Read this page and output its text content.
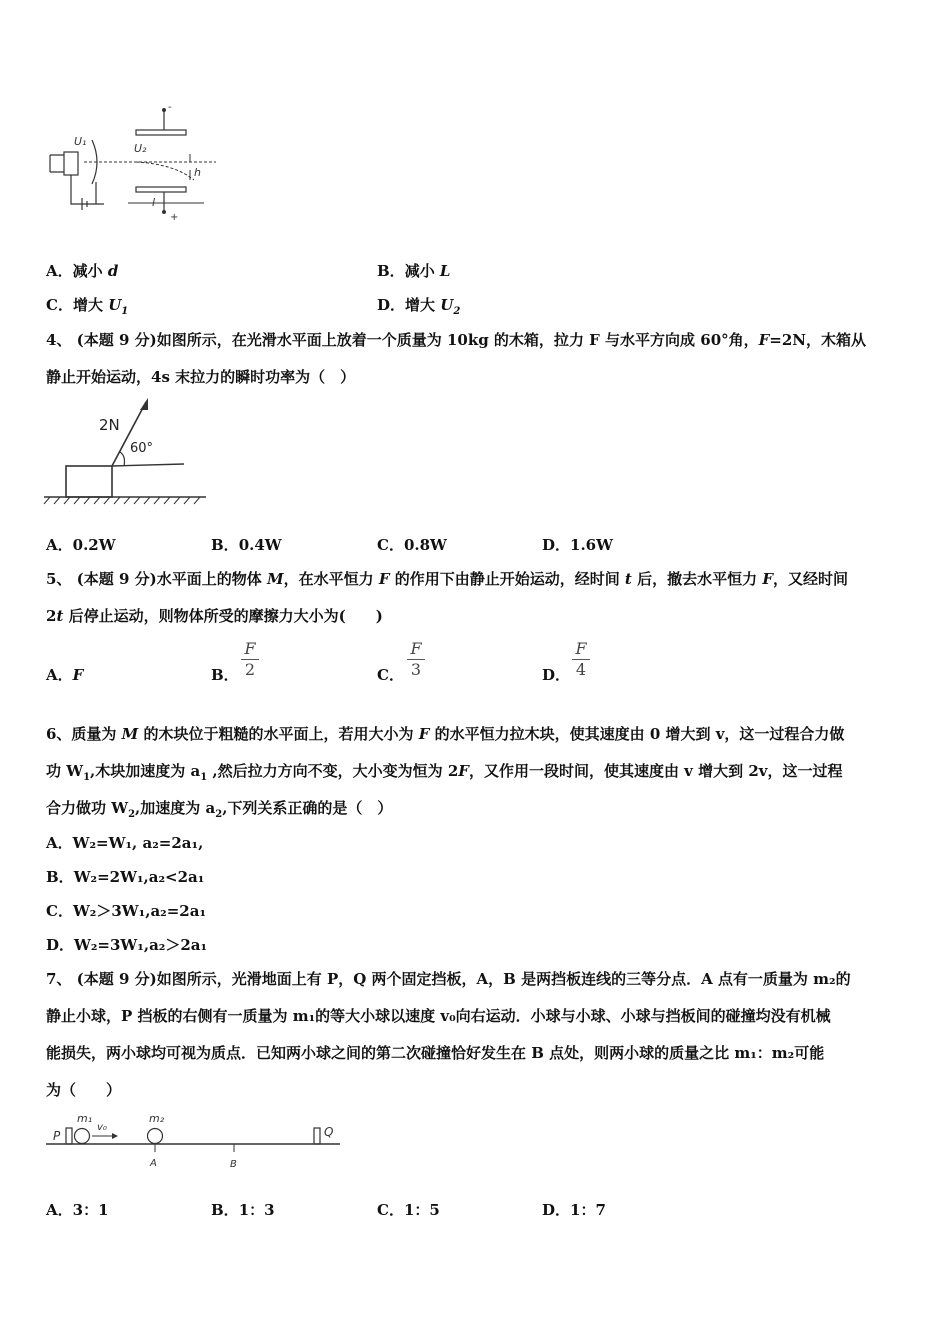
-
+
h
U₂
l
U₁
A．减小 d	B．减小 L
C．增大 $U_1$	D．增大 $U_2$
4、 (本题 9 分)如图所示，在光滑水平面上放着一个质量为 10kg 的木箱，拉力 F 与水平方向成 60°角，F=2N，木箱从
静止开始运动，4s 末拉力的瞬时功率为（　）
2N
60°
A．0.2W	B．0.4W	C．0.8W	D．1.6W
5、 (本题 9 分)水平面上的物体 M，在水平恒力 F 的作用下由静止开始运动，经时间 t 后，撤去水平恒力 F，又经时间
2t 后停止运动，则物体所受的摩擦力大小为(　　)
A．F	B．
F
2	C．
F
3	D．
F
4
6、质量为 M 的木块位于粗糙的水平面上，若用大小为 F 的水平恒力拉木块，使其速度由 0 增大到 v，这一过程合力做
功 $W_1$,木块加速度为 $a_1$ ,然后拉力方向不变，大小变为恒为 2F，又作用一段时间，使其速度由 v 增大到 2v，这一过程
合力做功 $W_2$,加速度为 $a_2$,下列关系正确的是（　）
A．W₂=W₁, a₂=2a₁,
B．W₂=2W₁,a₂<2a₁
C．W₂＞3W₁,a₂=2a₁
D．W₂=3W₁,a₂＞2a₁
7、 (本题 9 分)如图所示，光滑地面上有 P，Q 两个固定挡板，A，B 是两挡板连线的三等分点．A 点有一质量为 m₂的
静止小球，P 挡板的右侧有一质量为 m₁的等大小球以速度 v₀向右运动．小球与小球、小球与挡板间的碰撞均没有机械
能损失，两小球均可视为质点．已知两小球之间的第二次碰撞恰好发生在 B 点处，则两小球的质量之比 m₁：m₂可能
为（　　）
P	Q
m₁
v₀
m₂
A	B
A．3：1	B．1：3	C．1：5	D．1：7
